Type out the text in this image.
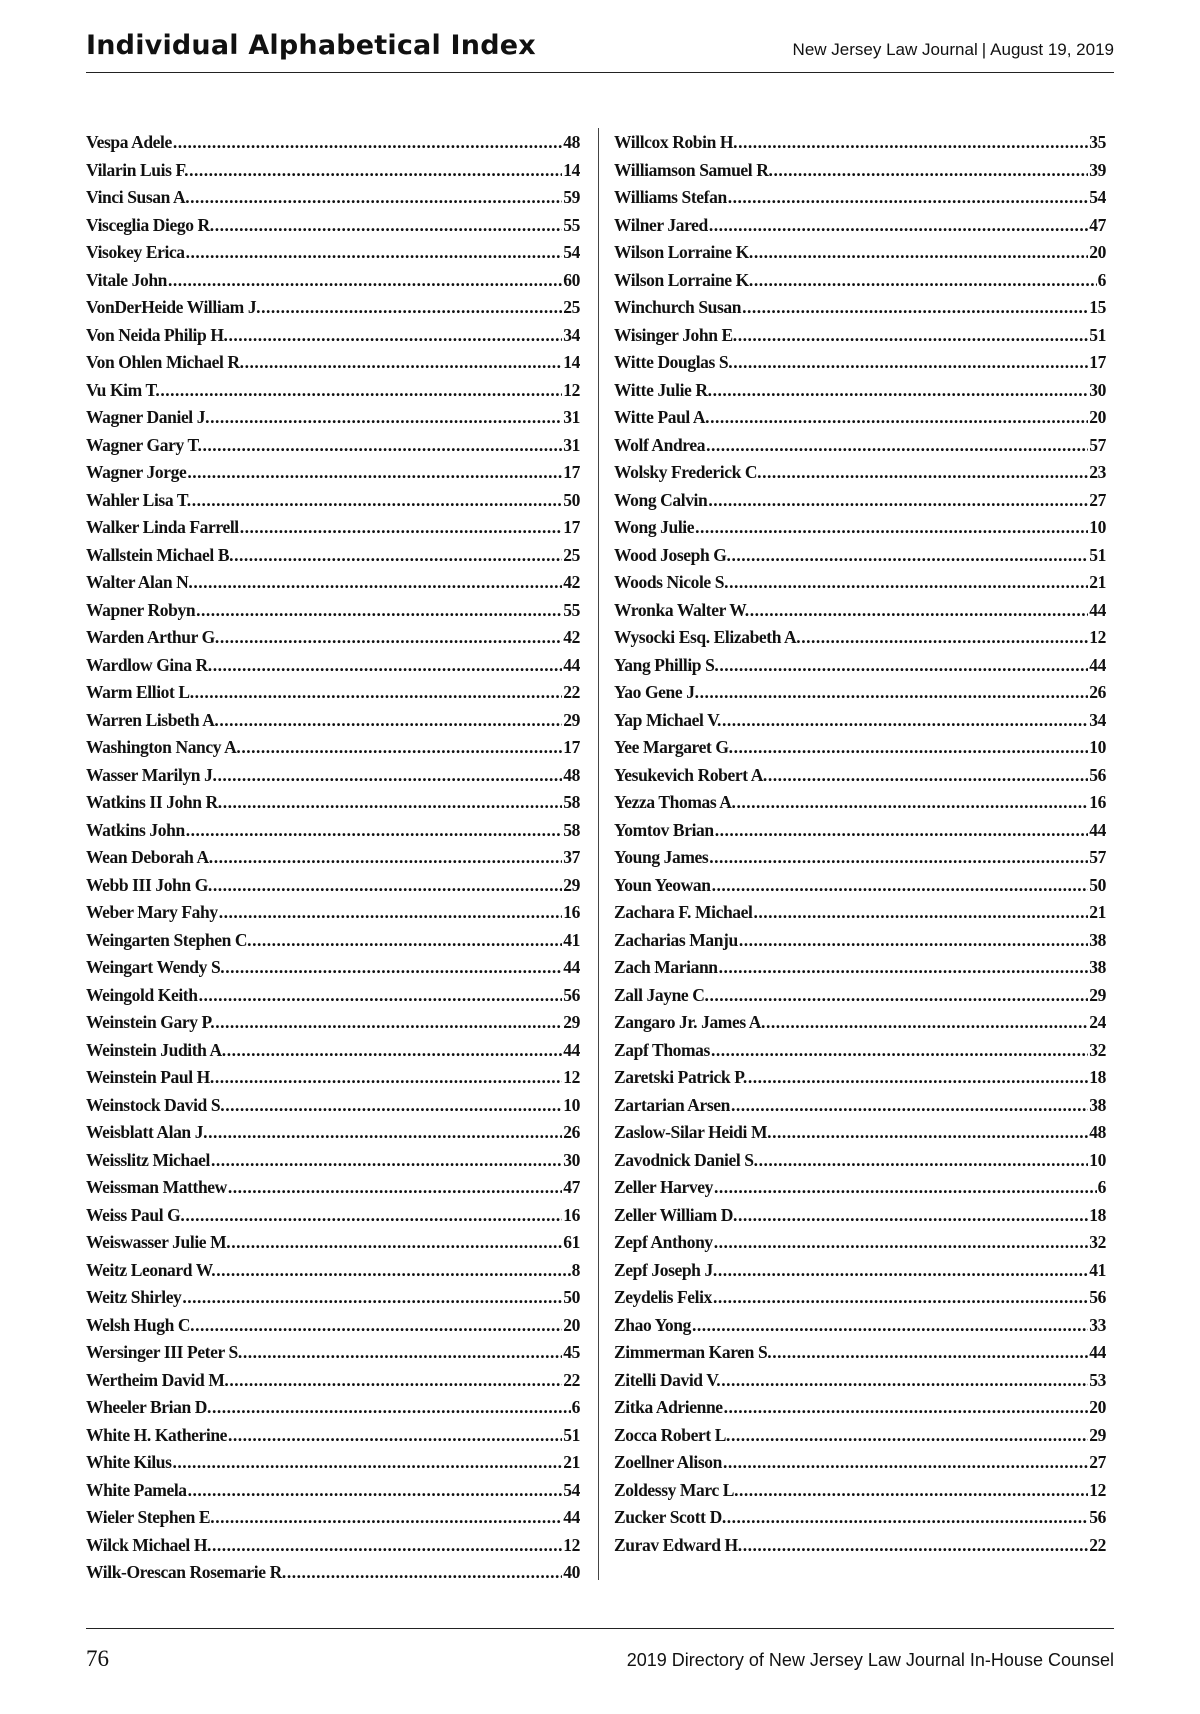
Individual Alphabetical Index	New Jersey Law Journal | August 19, 2019
Vespa Adele .....	48
Vilarin Luis F. .....	14
Vinci Susan A. .....	59
Visceglia Diego R. .....	55
Visokey Erica .....	54
Vitale John .....	60
VonDerHeide William J. .....	25
Von Neida Philip H. .....	34
Von Ohlen Michael R. .....	14
Vu Kim T. .....	12
Wagner Daniel J. .....	31
Wagner Gary T. .....	31
Wagner Jorge .....	17
Wahler Lisa T. .....	50
Walker Linda Farrell .....	17
Wallstein Michael B. .....	25
Walter Alan N. .....	42
Wapner Robyn .....	55
Warden Arthur G. .....	42
Wardlow Gina R. .....	44
Warm Elliot L. .....	22
Warren Lisbeth A. .....	29
Washington Nancy A. .....	17
Wasser Marilyn J. .....	48
Watkins II John R. .....	58
Watkins John .....	58
Wean Deborah A. .....	37
Webb III John G. .....	29
Weber Mary Fahy .....	16
Weingarten Stephen C. .....	41
Weingart Wendy S. .....	44
Weingold Keith .....	56
Weinstein Gary P. .....	29
Weinstein Judith A. .....	44
Weinstein Paul H. .....	12
Weinstock David S. .....	10
Weisblatt Alan J. .....	26
Weisslitz Michael .....	30
Weissman Matthew .....	47
Weiss Paul G. .....	16
Weiswasser Julie M. .....	61
Weitz Leonard W. .....	8
Weitz Shirley .....	50
Welsh Hugh C. .....	20
Wersinger III Peter S. .....	45
Wertheim David M. .....	22
Wheeler Brian D. .....	6
White H. Katherine .....	51
White Kilus .....	21
White Pamela .....	54
Wieler Stephen E. .....	44
Wilck Michael H. .....	12
Wilk-Orescan Rosemarie R. .....	40
Willcox Robin H. .....	35
Williamson Samuel R. .....	39
Williams Stefan .....	54
Wilner Jared .....	47
Wilson Lorraine K. .....	20
Wilson Lorraine K. .....	6
Winchurch Susan .....	15
Wisinger John E. .....	51
Witte Douglas S. .....	17
Witte Julie R. .....	30
Witte Paul A. .....	20
Wolf Andrea .....	57
Wolsky Frederick C. .....	23
Wong Calvin .....	27
Wong Julie .....	10
Wood Joseph G. .....	51
Woods Nicole S. .....	21
Wronka Walter W. .....	44
Wysocki Esq. Elizabeth A. .....	12
Yang Phillip S. .....	44
Yao Gene J. .....	26
Yap Michael V. .....	34
Yee Margaret G. .....	10
Yesukevich Robert A. .....	56
Yezza Thomas A. .....	16
Yomtov Brian .....	44
Young James .....	57
Youn Yeowan .....	50
Zachara F. Michael .....	21
Zacharias Manju .....	38
Zach Mariann .....	38
Zall Jayne C. .....	29
Zangaro Jr. James A. .....	24
Zapf Thomas .....	32
Zaretski Patrick P. .....	18
Zartarian Arsen .....	38
Zaslow-Silar Heidi M. .....	48
Zavodnick Daniel S. .....	10
Zeller Harvey .....	6
Zeller William D. .....	18
Zepf Anthony .....	32
Zepf Joseph J. .....	41
Zeydelis Felix .....	56
Zhao Yong .....	33
Zimmerman Karen S. .....	44
Zitelli David V. .....	53
Zitka Adrienne .....	20
Zocca Robert L. .....	29
Zoellner Alison .....	27
Zoldessy Marc L. .....	12
Zucker Scott D. .....	56
Zurav Edward H. .....	22
76	2019 Directory of New Jersey Law Journal In-House Counsel
